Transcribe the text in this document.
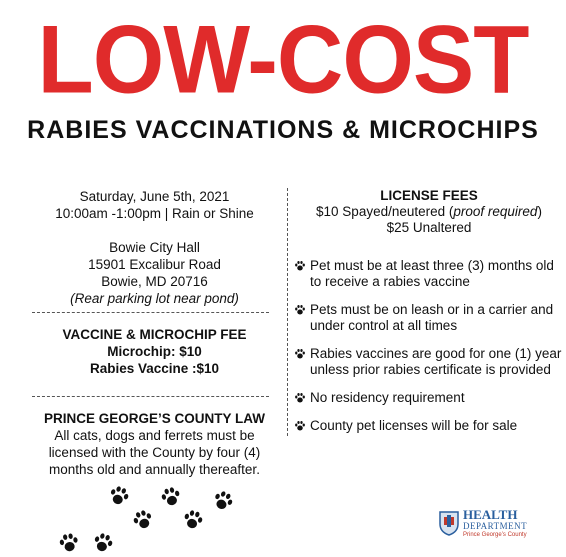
LOW-COST
RABIES VACCINATIONS & MICROCHIPS

Saturday, June 5th, 2021

10:00am -1:00pm | Rain or Shine

Bowie City Hall

15901 Excalibur Road

Bowie, MD 20716

(Rear parking lot near pond)

VACCINE & MICROCHIP FEE
Microchip: $10
Rabies Vaccine :$10
PRINCE GEORGE’S COUNTY LAW
All cats, dogs and ferrets must be licensed with the County by four (4) months old and annually thereafter.
LICENSE FEES
$10 Spayed/neutered (proof required)
$25 Unaltered
Pet must be at least three (3) months old to receive a rabies vaccine
Pets must be on leash or in a carrier and under control at all times
Rabies vaccines are good for one (1) year unless prior rabies certificate is provided
No residency requirement
County pet licenses will be for sale
HEALTH
DEPARTMENT
Prince George’s County
